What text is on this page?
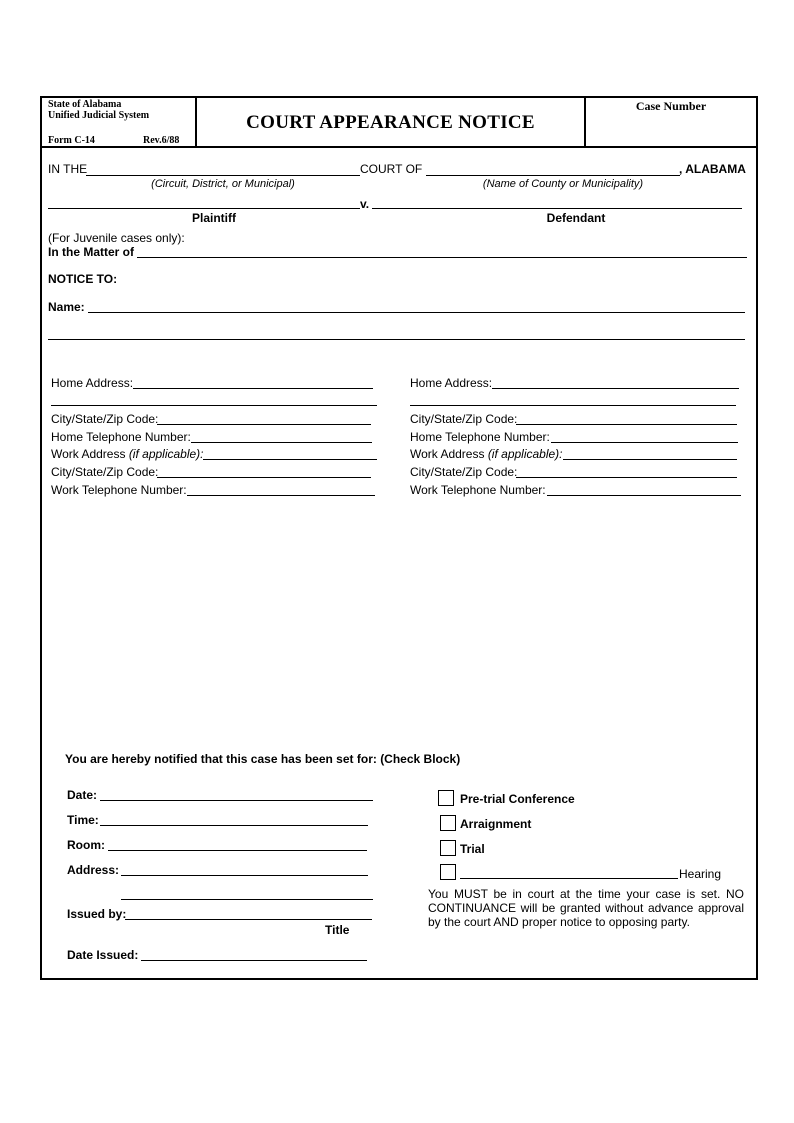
State of Alabama
Unified Judicial System
Form C-14	Rev.6/88
COURT APPEARANCE NOTICE
Case Number
IN THE	COURT OF	, ALABAMA
(Circuit, District, or Municipal)	(Name of County or Municipality)
v.
Plaintiff	Defendant
(For Juvenile cases only):
In the Matter of
NOTICE TO:
Name:
Home Address:
City/State/Zip Code:
Home Telephone Number:
Work Address (if applicable):
City/State/Zip Code:
Work Telephone Number:
Home Address:
City/State/Zip Code:
Home Telephone Number:
Work Address (if applicable):
City/State/Zip Code:
Work Telephone Number:
You are hereby notified that this case has been set for: (Check Block)
Date:
Time:
Room:
Address:
Issued by:
Title
Date Issued:
Pre-trial Conference
Arraignment
Trial
Hearing
You MUST be in court at the time your case is set. NO CONTINUANCE will be granted without advance approval by the court AND proper notice to opposing party.
